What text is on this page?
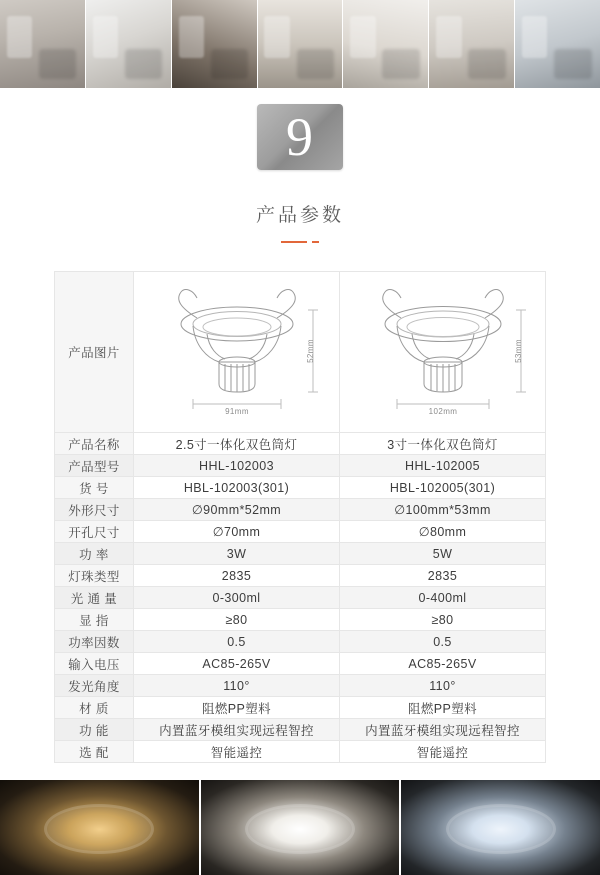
9
产品参数
产品图片	91mm
52mm	102mm
53mm

产品名称	2.5寸一体化双色筒灯	3寸一体化双色筒灯
产品型号	HHL-102003	HHL-102005
货 号	HBL-102003(301)	HBL-102005(301)
外形尺寸	∅90mm*52mm	∅100mm*53mm
开孔尺寸	∅70mm	∅80mm
功 率	3W	5W
灯珠类型	2835	2835
光 通 量	0-300ml	0-400ml
显 指	≥80	≥80
功率因数	0.5	0.5
输入电压	AC85-265V	AC85-265V
发光角度	110°	110°
材 质	阻燃PP塑料	阻燃PP塑料
功 能	内置蓝牙模组实现远程智控	内置蓝牙模组实现远程智控
选 配	智能遥控	智能遥控
